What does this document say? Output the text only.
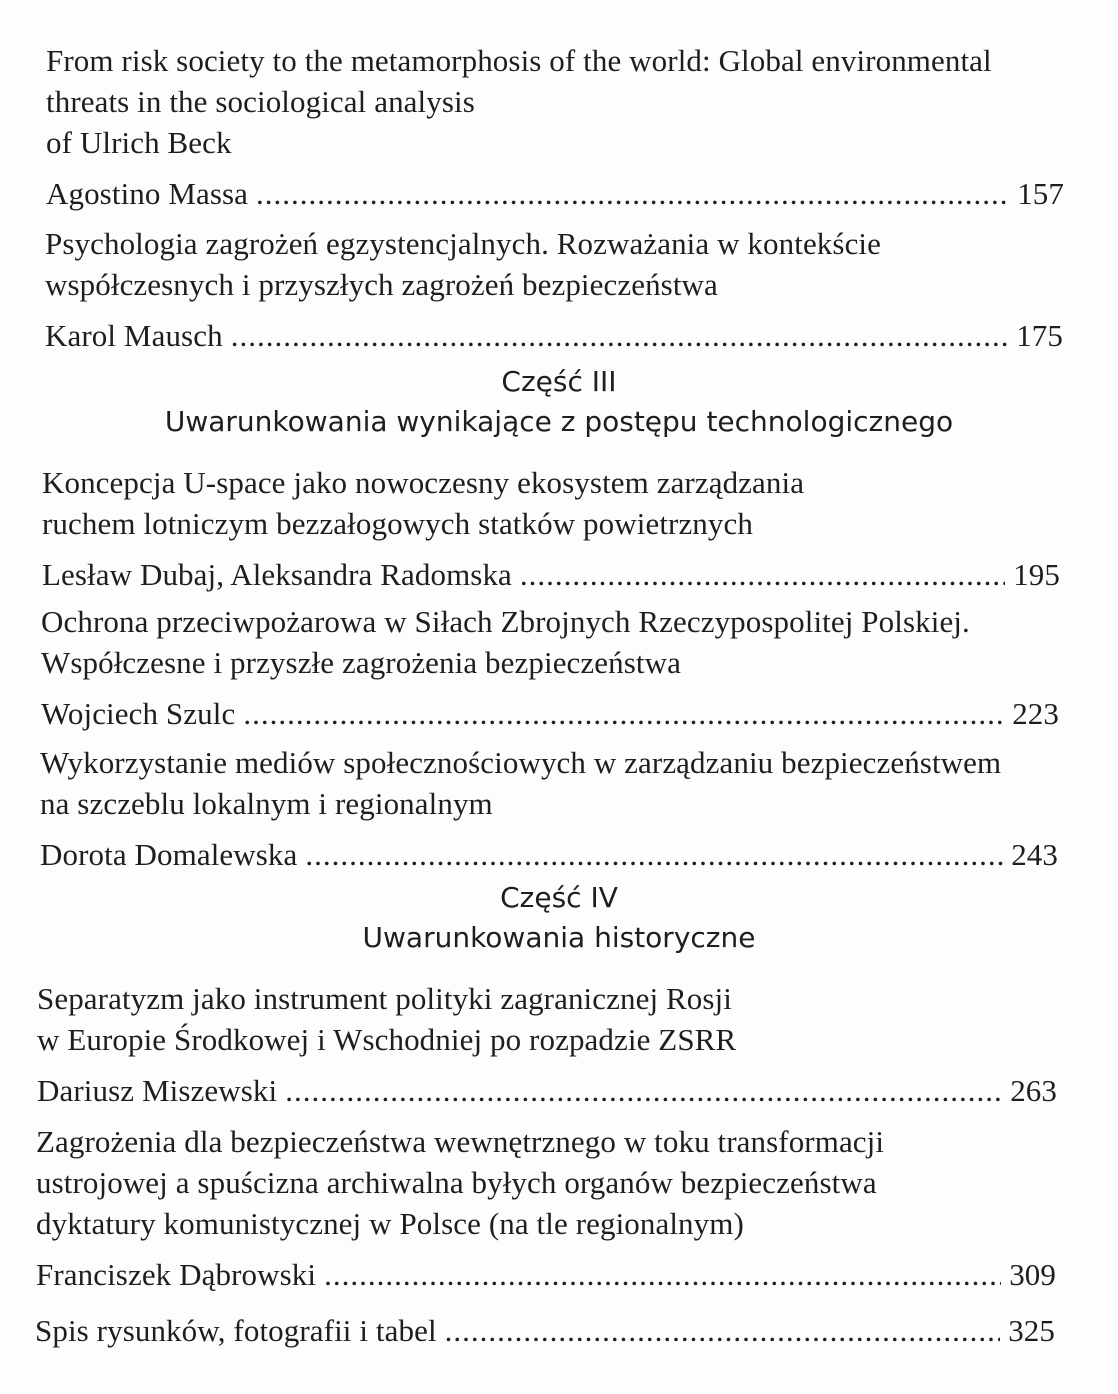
From risk society to the metamorphosis of the world: Global environmental
threats in the sociological analysis
of Ulrich Beck
Agostino Massa .....	157
Psychologia zagrożeń egzystencjalnych. Rozważania w kontekście
współczesnych i przyszłych zagrożeń bezpieczeństwa
Karol Mausch .....	175
Część III
Uwarunkowania wynikające z postępu technologicznego
Koncepcja U-space jako nowoczesny ekosystem zarządzania
ruchem lotniczym bezzałogowych statków powietrznych
Lesław Dubaj, Aleksandra Radomska .....	195
Ochrona przeciwpożarowa w Siłach Zbrojnych Rzeczypospolitej Polskiej.
Współczesne i przyszłe zagrożenia bezpieczeństwa
Wojciech Szulc .....	223
Wykorzystanie mediów społecznościowych w zarządzaniu bezpieczeństwem
na szczeblu lokalnym i regionalnym
Dorota Domalewska .....	243
Część IV
Uwarunkowania historyczne
Separatyzm jako instrument polityki zagranicznej Rosji
w Europie Środkowej i Wschodniej po rozpadzie ZSRR
Dariusz Miszewski .....	263
Zagrożenia dla bezpieczeństwa wewnętrznego w toku transformacji
ustrojowej a spuścizna archiwalna byłych organów bezpieczeństwa
dyktatury komunistycznej w Polsce (na tle regionalnym)
Franciszek Dąbrowski .....	309
Spis rysunków, fotografii i tabel .....	325
